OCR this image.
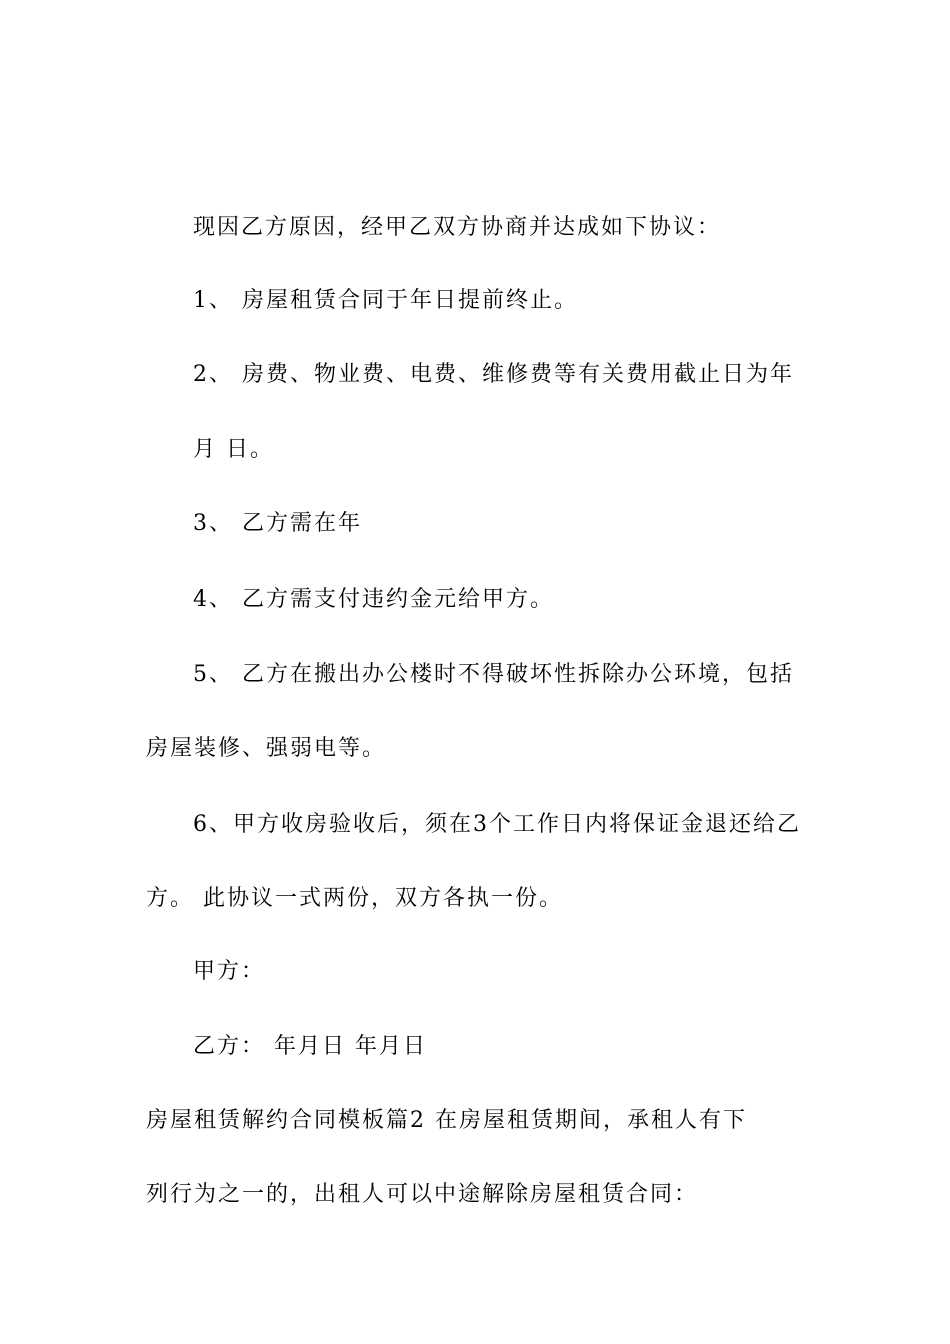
现因乙方原因，经甲乙双方协商并达成如下协议：
1、 房屋租赁合同于年日提前终止。
2、 房费、物业费、电费、维修费等有关费用截止日为年
月 日。
3、 乙方需在年
4、 乙方需支付违约金元给甲方。
5、 乙方在搬出办公楼时不得破坏性拆除办公环境，包括
房屋装修、强弱电等。
6、甲方收房验收后，须在3个工作日内将保证金退还给乙
方。 此协议一式两份，双方各执一份。
甲方：
乙方： 年月日 年月日
房屋租赁解约合同模板篇2 在房屋租赁期间，承租人有下
列行为之一的，出租人可以中途解除房屋租赁合同：
